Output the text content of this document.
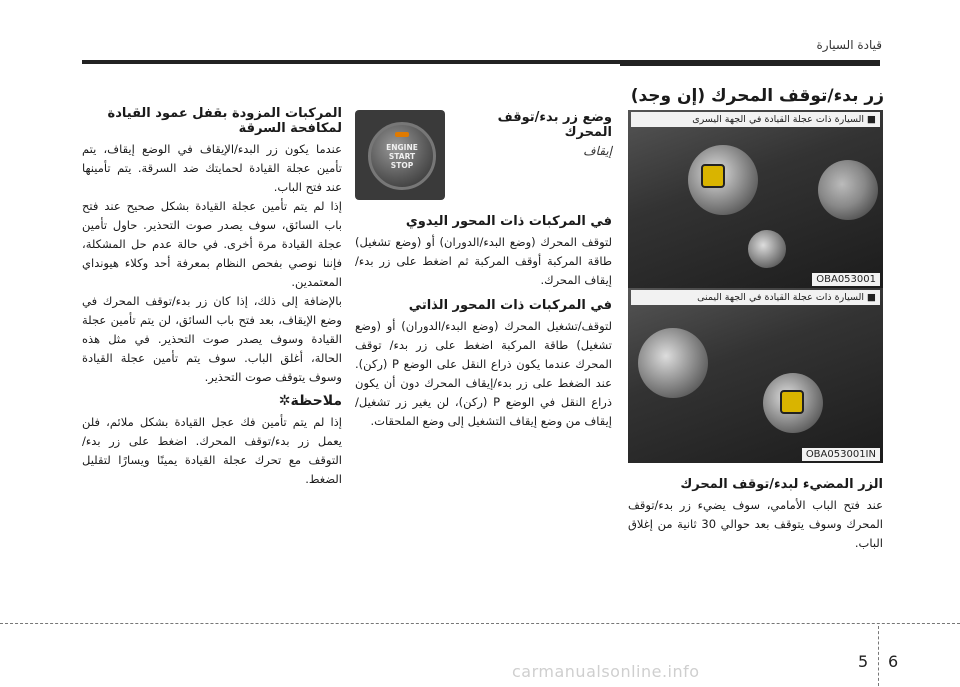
قيادة السيارة
زر بدء/توقف المحرك (إن وجد)
■ السيارة ذات عجلة القيادة في الجهة اليسرى
OBA053001
■ السيارة ذات عجلة القيادة في الجهة اليمنى
OBA053001IN
الزر المضيء لبدء/توقف المحرك

عند فتح الباب الأمامي، سوف يضيء زر بدء/توقف المحرك وسوف يتوقف بعد حوالي 30 ثانية من إغلاق الباب.

ENGINE
START
STOP
وضع زر بدء/توقف المحرك
إيقاف
في المركبات ذات المحور اليدوي

لتوقف المحرك (وضع البدء/الدوران) أو (وضع تشغيل) طاقة المركبة أوقف المركبة ثم اضغط على زر بدء/إيقاف المحرك.

في المركبات ذات المحور الذاتي

لتوقف/تشغيل المحرك (وضع البدء/الدوران) أو (وضع تشغيل) طاقة المركبة اضغط على زر بدء/ توقف المحرك عندما يكون ذراع النقل على الوضع P (ركن). عند الضغط على زر بدء/إيقاف المحرك دون أن يكون ذراع النقل في الوضع P (ركن)، لن يغير زر تشغيل/إيقاف من وضع إيقاف التشغيل إلى وضع الملحقات.

المركبات المزودة بقفل عمود القيادة لمكافحة السرقة

عندما يكون زر البدء/الإيقاف في الوضع إيقاف، يتم تأمين عجلة القيادة لحمايتك ضد السرقة. يتم تأمينها عند فتح الباب.

إذا لم يتم تأمين عجلة القيادة بشكل صحيح عند فتح باب السائق، سوف يصدر صوت التحذير. حاول تأمين عجلة القيادة مرة أخرى. في حالة عدم حل المشكلة، فإننا نوصي بفحص النظام بمعرفة أحد وكلاء هيونداي المعتمدين.

بالإضافة إلى ذلك، إذا كان زر بدء/توقف المحرك في وضع الإيقاف، بعد فتح باب السائق، لن يتم تأمين عجلة القيادة وسوف يصدر صوت التحذير. في مثل هذه الحالة، أغلق الباب. سوف يتم تأمين عجلة القيادة وسوف يتوقف صوت التحذير.

ملاحظة✲

إذا لم يتم تأمين فك عجل القيادة بشكل ملائم، فلن يعمل زر بدء/توقف المحرك. اضغط على زر بدء/ التوقف مع تحرك عجلة القيادة يمينًا ويسارًا لتقليل الضغط.

5 6
carmanualsonline.info
